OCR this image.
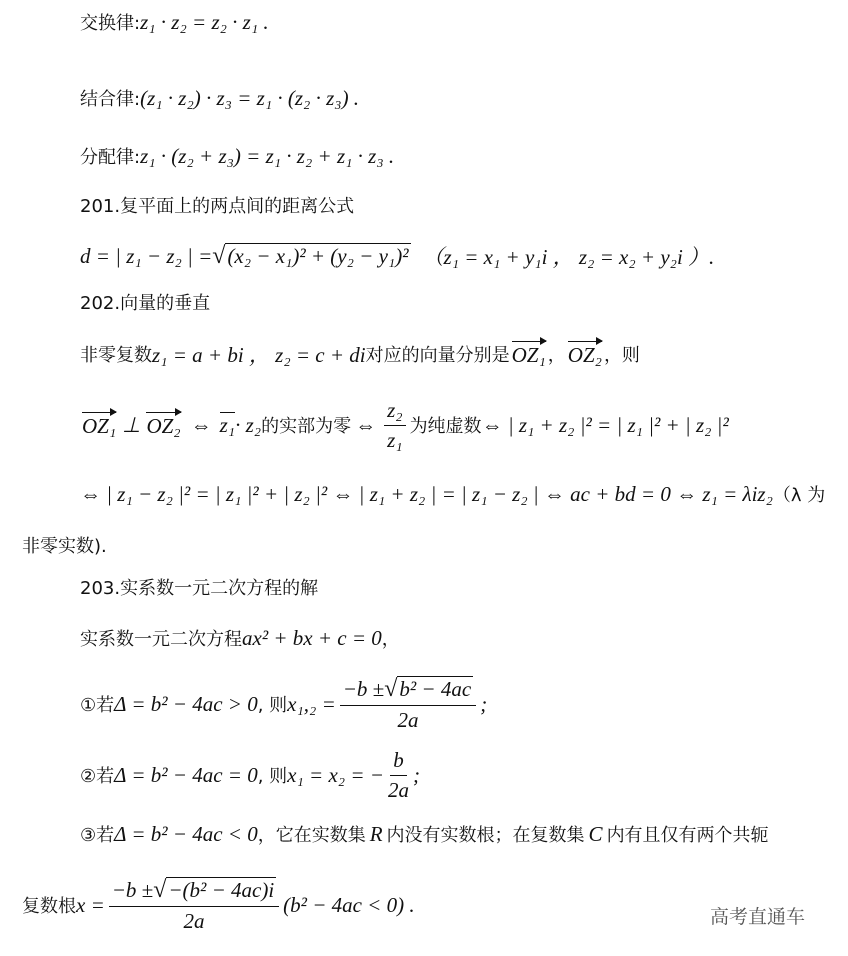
交换律: z₁ · z₂ = z₂ · z₁ .
结合律: (z₁ · z₂) · z₃ = z₁ · (z₂ · z₃) .
分配律: z₁ · (z₂ + z₃) = z₁ · z₂ + z₁ · z₃ .
201.复平面上的两点间的距离公式
d = | z₁ − z₂ | = √ (x₂ − x₁)² + (y₂ − y₁)² （z₁ = x₁ + y₁i ， z₂ = x₂ + y₂i ）.
202.向量的垂直
非零复数 z₁ = a + bi ， z₂ = c + di 对应的向量分别是 OZ₁ ， OZ₂ ，则
OZ₁ ⊥ OZ₂ ⇔ z₁ · z₂ 的实部为零 ⇔ $\frac{\text{z₂}}{\text{z₁}}$ 为纯虚数 ⇔ | z₁ + z₂ |² = | z₁ |² + | z₂ |²
⇔ | z₁ − z₂ |² = | z₁ |² + | z₂ |² ⇔ | z₁ + z₂ | = | z₁ − z₂ | ⇔ ac + bd = 0 ⇔ z₁ = λiz₂ （λ 为
非零实数).
203.实系数一元二次方程的解
实系数一元二次方程 ax² + bx + c = 0 ，
①若 Δ = b² − 4ac > 0 , 则 $x_1,_2 = \frac{\text{−b ± √ b² − 4ac}}{2a}$ ;
②若 Δ = b² − 4ac = 0 , 则 x₁ = x₂ = − $\frac{b}{2a}$ ;
③若 Δ = b² − 4ac < 0 ，它在实数集 R 内没有实数根；在复数集 C 内有且仅有两个共轭
复数根 $x = \frac{\text{−b ± √ −(b² − 4ac)i}}{2a} (b^2 - 4ac < 0)$ .
高考直通车
